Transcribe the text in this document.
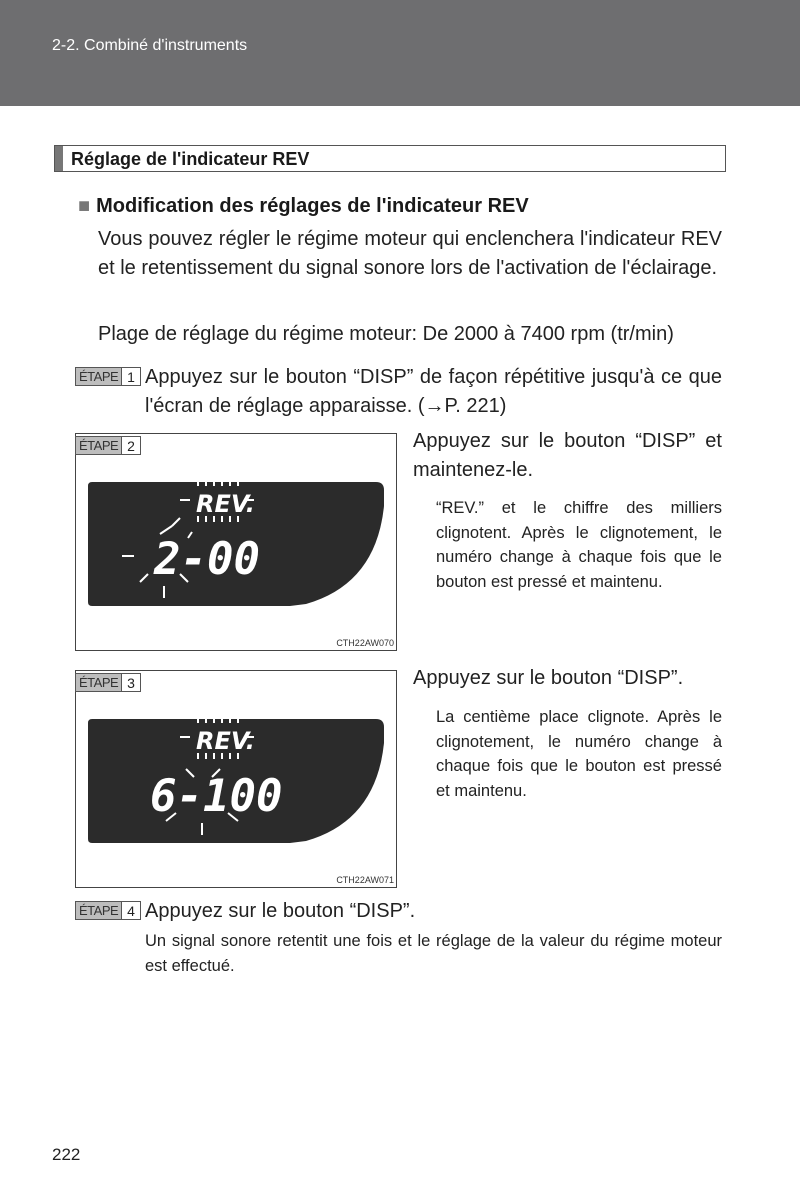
2-2. Combiné d'instruments
Réglage de l'indicateur REV
■ Modification des réglages de l'indicateur REV
Vous pouvez régler le régime moteur qui enclenchera l'indicateur REV et le retentissement du signal sonore lors de l'activation de l'éclairage.
Plage de réglage du régime moteur: De 2000 à 7400 rpm (tr/min)
ÉTAPE 1 Appuyez sur le bouton “DISP” de façon répétitive jusqu'à ce que l'écran de réglage apparaisse. (→P. 221)
REV.
2-00
CTH22AW070
ÉTAPE 2	Appuyez sur le bouton “DISP” et maintenez-le.
“REV.” et le chiffre des milliers clignotent. Après le clignotement, le numéro change à chaque fois que le bouton est pressé et maintenu.
REV.
6-100
CTH22AW071
ÉTAPE 3	Appuyez sur le bouton “DISP”.
La centième place clignote. Après le clignotement, le numéro change à chaque fois que le bouton est pressé et maintenu.
ÉTAPE 4 Appuyez sur le bouton “DISP”.
Un signal sonore retentit une fois et le réglage de la valeur du régime moteur est effectué.
222
